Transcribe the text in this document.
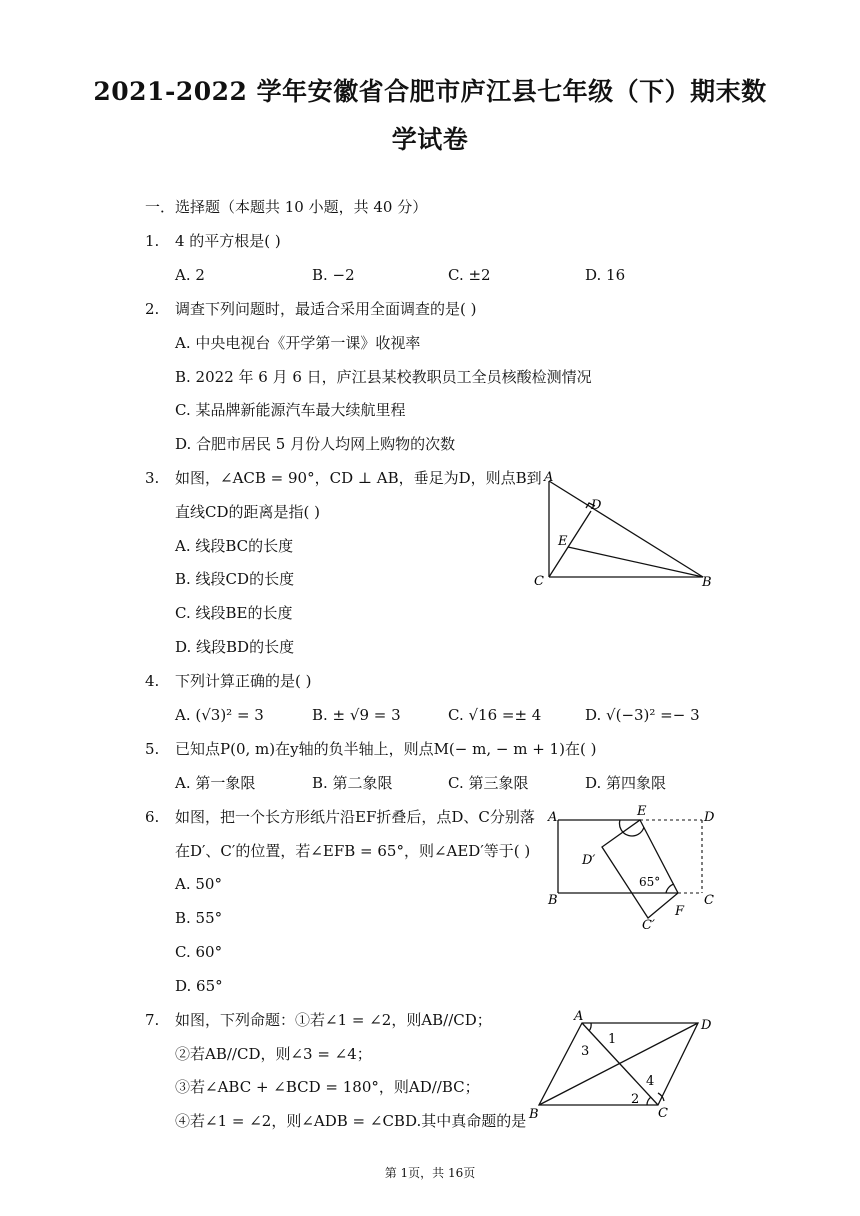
2021-2022 学年安徽省合肥市庐江县七年级（下）期末数
学试卷
一．选择题（本题共 10 小题，共 40 分）
1. 4 的平方根是( )
A. 2	B. −2	C. ±2	D. 16
2. 调查下列问题时，最适合采用全面调查的是( )
A. 中央电视台《开学第一课》收视率
B. 2022 年 6 月 6 日，庐江县某校教职员工全员核酸检测情况
C. 某品牌新能源汽车最大续航里程
D. 合肥市居民 5 月份人均网上购物的次数
3. 如图，∠ACB = 90°，CD ⊥ AB，垂足为D，则点B到
直线CD的距离是指( )
A. 线段BC的长度
B. 线段CD的长度
C. 线段BE的长度
D. 线段BD的长度
A
D
E
C	B
4. 下列计算正确的是( )
A. (√3)² = 3	B. ± √9 = 3	C. √16 =± 4	D. √(−3)² =− 3
5. 已知点P(0, m)在y轴的负半轴上，则点M(− m, − m + 1)在( )
A. 第一象限	B. 第二象限	C. 第三象限	D. 第四象限
6. 如图，把一个长方形纸片沿EF折叠后，点D、C分别落
在D′、C′的位置，若∠EFB = 65°，则∠AED′等于( )
A. 50°
B. 55°
C. 60°
D. 65°
A	E	D
D′
65°
B
F
C
C′
7. 如图，下列命题：①若∠1 = ∠2，则AB//CD；
②若AB//CD，则∠3 = ∠4；
③若∠ABC + ∠BCD = 180°，则AD//BC；
④若∠1 = ∠2，则∠ADB = ∠CBD.其中真命题的是
A
D
B	C
1
2
3
4
第 1页，共 16页
